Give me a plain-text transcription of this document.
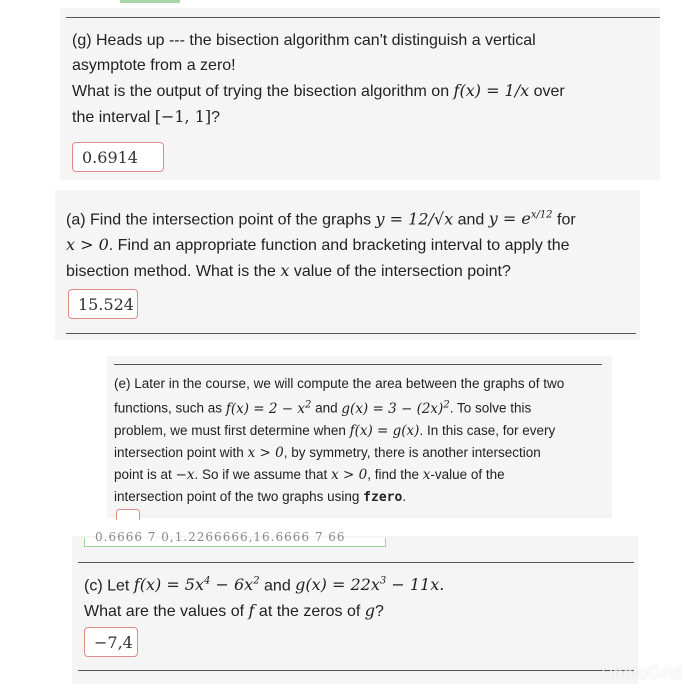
(g) Heads up --- the bisection algorithm can't distinguish a vertical
asymptote from a zero!
What is the output of trying the bisection algorithm on f(x) = 1/x over
the interval [−1, 1]?
0.6914
(a) Find the intersection point of the graphs y = 12/√x and $y = e^{x/12}$ for
x > 0. Find an appropriate function and bracketing interval to apply the
bisection method. What is the x value of the intersection point?
15.524
(e) Later in the course, we will compute the area between the graphs of two
functions, such as $f(x) = 2 - x^2$ and $g(x) = 3 - (2x)^2$. To solve this
problem, we must first determine when f(x) = g(x). In this case, for every
intersection point with x > 0, by symmetry, there is another intersection
point is at −x. So if we assume that x > 0, find the x-value of the
intersection point of the two graphs using fzero.
0.6666 7 0,1.2266666,16.6666 7 66
(c) Let $f(x) = 5x^4 - 6x^2$ and $g(x) = 22x^3 - 11x$.
What are the values of f at the zeros of g?
−7,4
PhotoGrid
